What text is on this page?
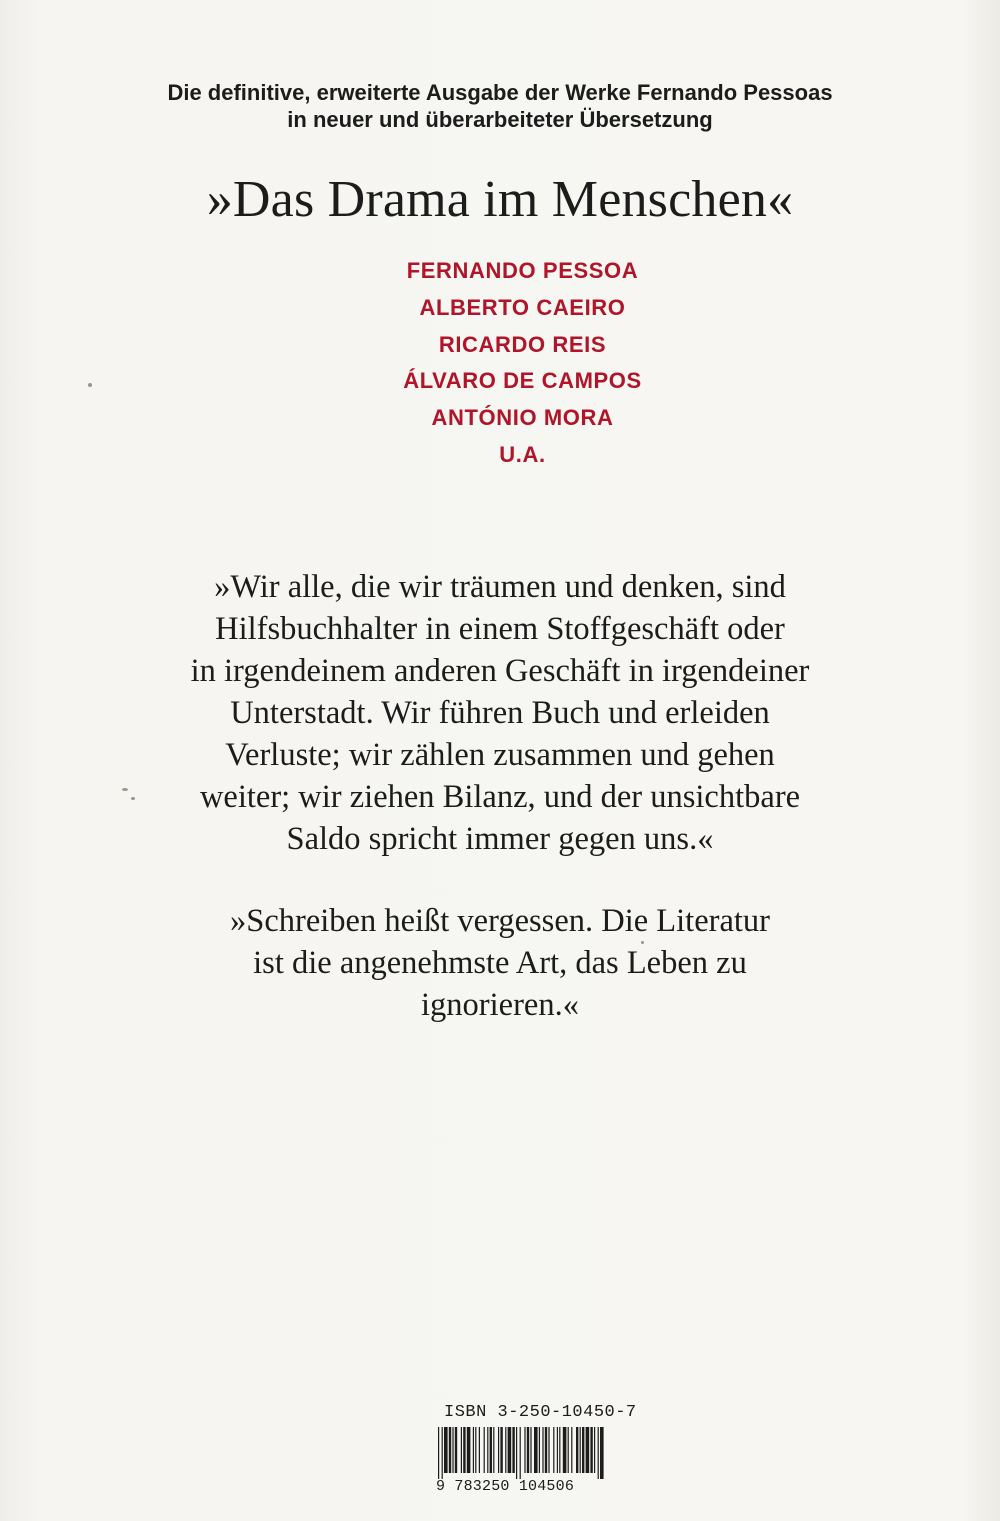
Die definitive, erweiterte Ausgabe der Werke Fernando Pessoas
in neuer und überarbeiteter Übersetzung
»Das Drama im Menschen«
FERNANDO PESSOA
ALBERTO CAEIRO
RICARDO REIS
ÁLVARO DE CAMPOS
ANTÓNIO MORA
U.A.
»Wir alle, die wir träumen und denken, sind
Hilfsbuchhalter in einem Stoffgeschäft oder
in irgendeinem anderen Geschäft in irgendeiner
Unterstadt. Wir führen Buch und erleiden
Verluste; wir zählen zusammen und gehen
weiter; wir ziehen Bilanz, und der unsichtbare
Saldo spricht immer gegen uns.«
»Schreiben heißt vergessen. Die Literatur
ist die angenehmste Art, das Leben zu
ignorieren.«
ISBN 3-250-10450-7
9 783250 104506
